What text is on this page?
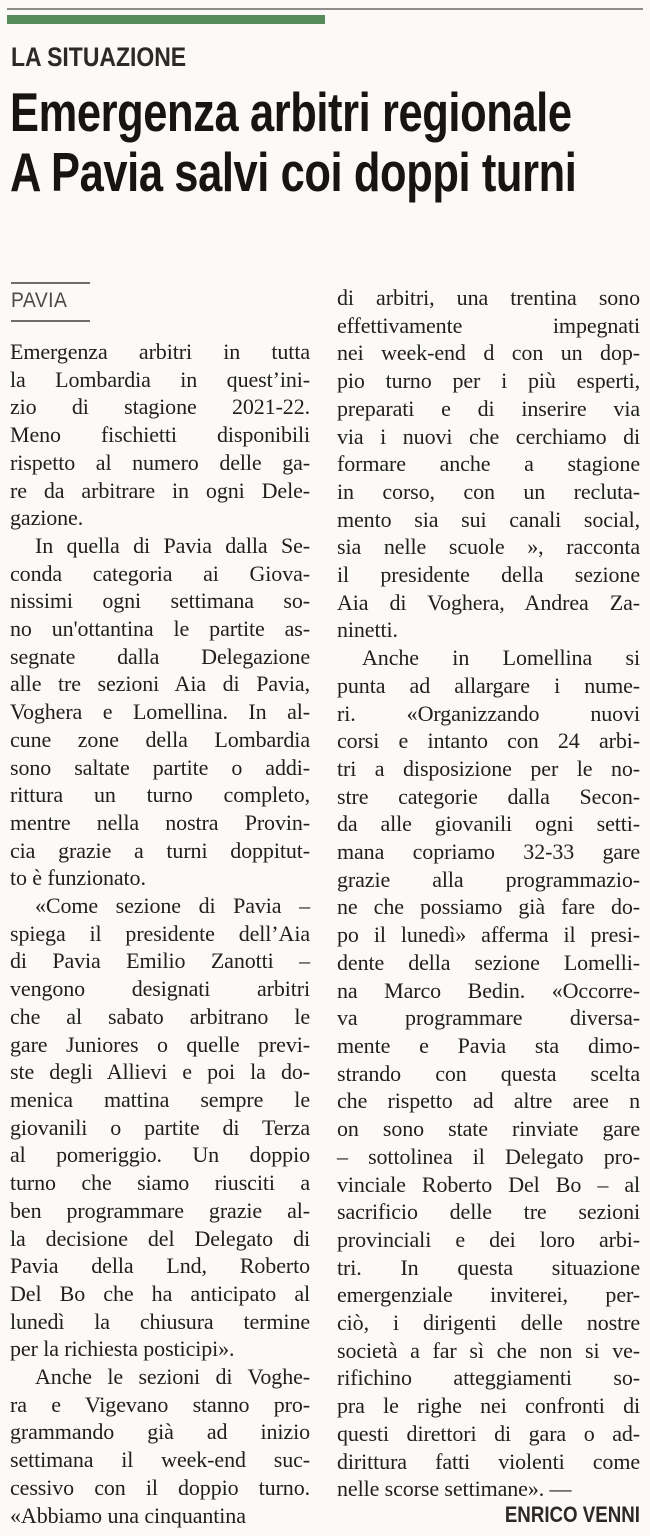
LA SITUAZIONE
Emergenza arbitri regionale
A Pavia salvi coi doppi turni
PAVIA
Emergenza arbitri in tutta
la Lombardia in quest’ini-
zio di stagione 2021-22.
Meno fischietti disponibili
rispetto al numero delle ga-
re da arbitrare in ogni Dele-
gazione.
In quella di Pavia dalla Se-
conda categoria ai Giova-
nissimi ogni settimana so-
no un'ottantina le partite as-
segnate dalla Delegazione
alle tre sezioni Aia di Pavia,
Voghera e Lomellina. In al-
cune zone della Lombardia
sono saltate partite o addi-
rittura un turno completo,
mentre nella nostra Provin-
cia grazie a turni doppitut-
to è funzionato.
«Come sezione di Pavia –
spiega il presidente dell’Aia
di Pavia Emilio Zanotti –
vengono designati arbitri
che al sabato arbitrano le
gare Juniores o quelle previ-
ste degli Allievi e poi la do-
menica mattina sempre le
giovanili o partite di Terza
al pomeriggio. Un doppio
turno che siamo riusciti a
ben programmare grazie al-
la decisione del Delegato di
Pavia della Lnd, Roberto
Del Bo che ha anticipato al
lunedì la chiusura termine
per la richiesta posticipi».
Anche le sezioni di Voghe-
ra e Vigevano stanno pro-
grammando già ad inizio
settimana il week-end suc-
cessivo con il doppio turno.
«Abbiamo una cinquantina
di arbitri, una trentina sono
effettivamente impegnati
nei week-end d con un dop-
pio turno per i più esperti,
preparati e di inserire via
via i nuovi che cerchiamo di
formare anche a stagione
in corso, con un recluta-
mento sia sui canali social,
sia nelle scuole », racconta
il presidente della sezione
Aia di Voghera, Andrea Za-
ninetti.
Anche in Lomellina si
punta ad allargare i nume-
ri. «Organizzando nuovi
corsi e intanto con 24 arbi-
tri a disposizione per le no-
stre categorie dalla Secon-
da alle giovanili ogni setti-
mana copriamo 32-33 gare
grazie alla programmazio-
ne che possiamo già fare do-
po il lunedì» afferma il presi-
dente della sezione Lomelli-
na Marco Bedin. «Occorre-
va programmare diversa-
mente e Pavia sta dimo-
strando con questa scelta
che rispetto ad altre aree n
on sono state rinviate gare
– sottolinea il Delegato pro-
vinciale Roberto Del Bo – al
sacrificio delle tre sezioni
provinciali e dei loro arbi-
tri. In questa situazione
emergenziale inviterei, per-
ciò, i dirigenti delle nostre
società a far sì che non si ve-
rifichino atteggiamenti so-
pra le righe nei confronti di
questi direttori di gara o ad-
dirittura fatti violenti come
nelle scorse settimane». —
ENRICO VENNI
